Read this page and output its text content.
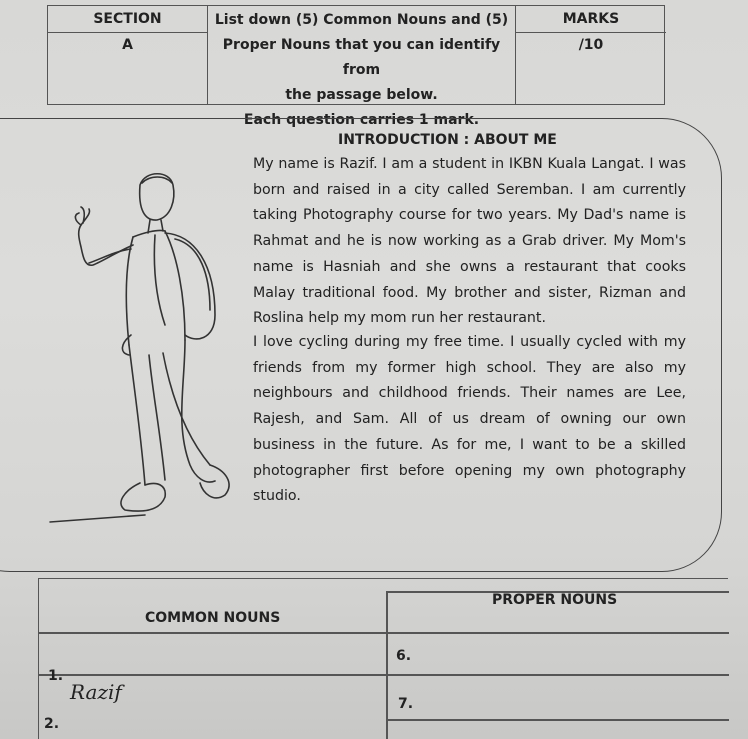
SECTION
A
List down (5) Common Nouns and (5)
Proper Nouns that you can identify from
the passage below.
Each question carries 1 mark.
MARKS
/10
INTRODUCTION : ABOUT ME

My name is Razif. I am a student in IKBN Kuala Langat. I was born and raised in a city called Seremban. I am currently taking Photography course for two years. My Dad's name is Rahmat and he is now working as a Grab driver. My Mom's name is Hasniah and she owns a restaurant that cooks Malay traditional food. My brother and sister, Rizman and Roslina help my mom run her restaurant.

I love cycling during my free time. I usually cycled with my friends from my former high school. They are also my neighbours and childhood friends. Their names are Lee, Rajesh, and Sam. All of us dream of owning our own business in the future. As for me, I want to be a skilled photographer first before opening my own photography studio.

COMMON NOUNS
PROPER NOUNS
1.
2.
6.
7.
Razif
